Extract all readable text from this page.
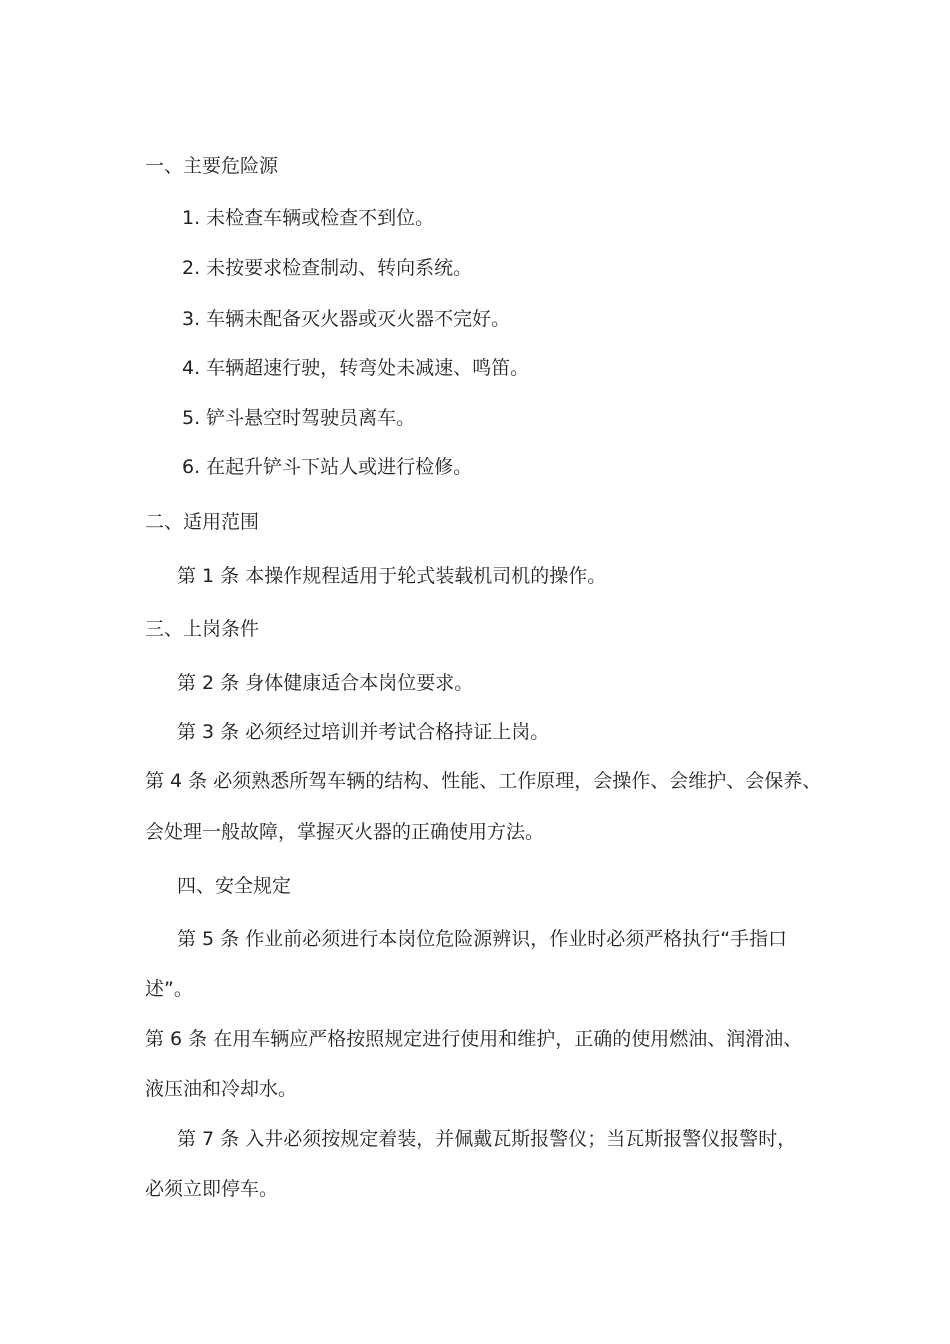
一、主要危险源
1. 未检查车辆或检查不到位。
2. 未按要求检查制动、转向系统。
3. 车辆未配备灭火器或灭火器不完好。
4. 车辆超速行驶，转弯处未减速、鸣笛。
5. 铲斗悬空时驾驶员离车。
6. 在起升铲斗下站人或进行检修。
二、适用范围
第 1 条 本操作规程适用于轮式装载机司机的操作。
三、上岗条件
第 2 条 身体健康适合本岗位要求。
第 3 条 必须经过培训并考试合格持证上岗。
第 4 条 必须熟悉所驾车辆的结构、性能、工作原理，会操作、会维护、会保养、
会处理一般故障，掌握灭火器的正确使用方法。
四、安全规定
第 5 条 作业前必须进行本岗位危险源辨识，作业时必须严格执行“手指口
述”。
第 6 条 在用车辆应严格按照规定进行使用和维护，正确的使用燃油、润滑油、
液压油和冷却水。
第 7 条 入井必须按规定着装，并佩戴瓦斯报警仪；当瓦斯报警仪报警时，
必须立即停车。
